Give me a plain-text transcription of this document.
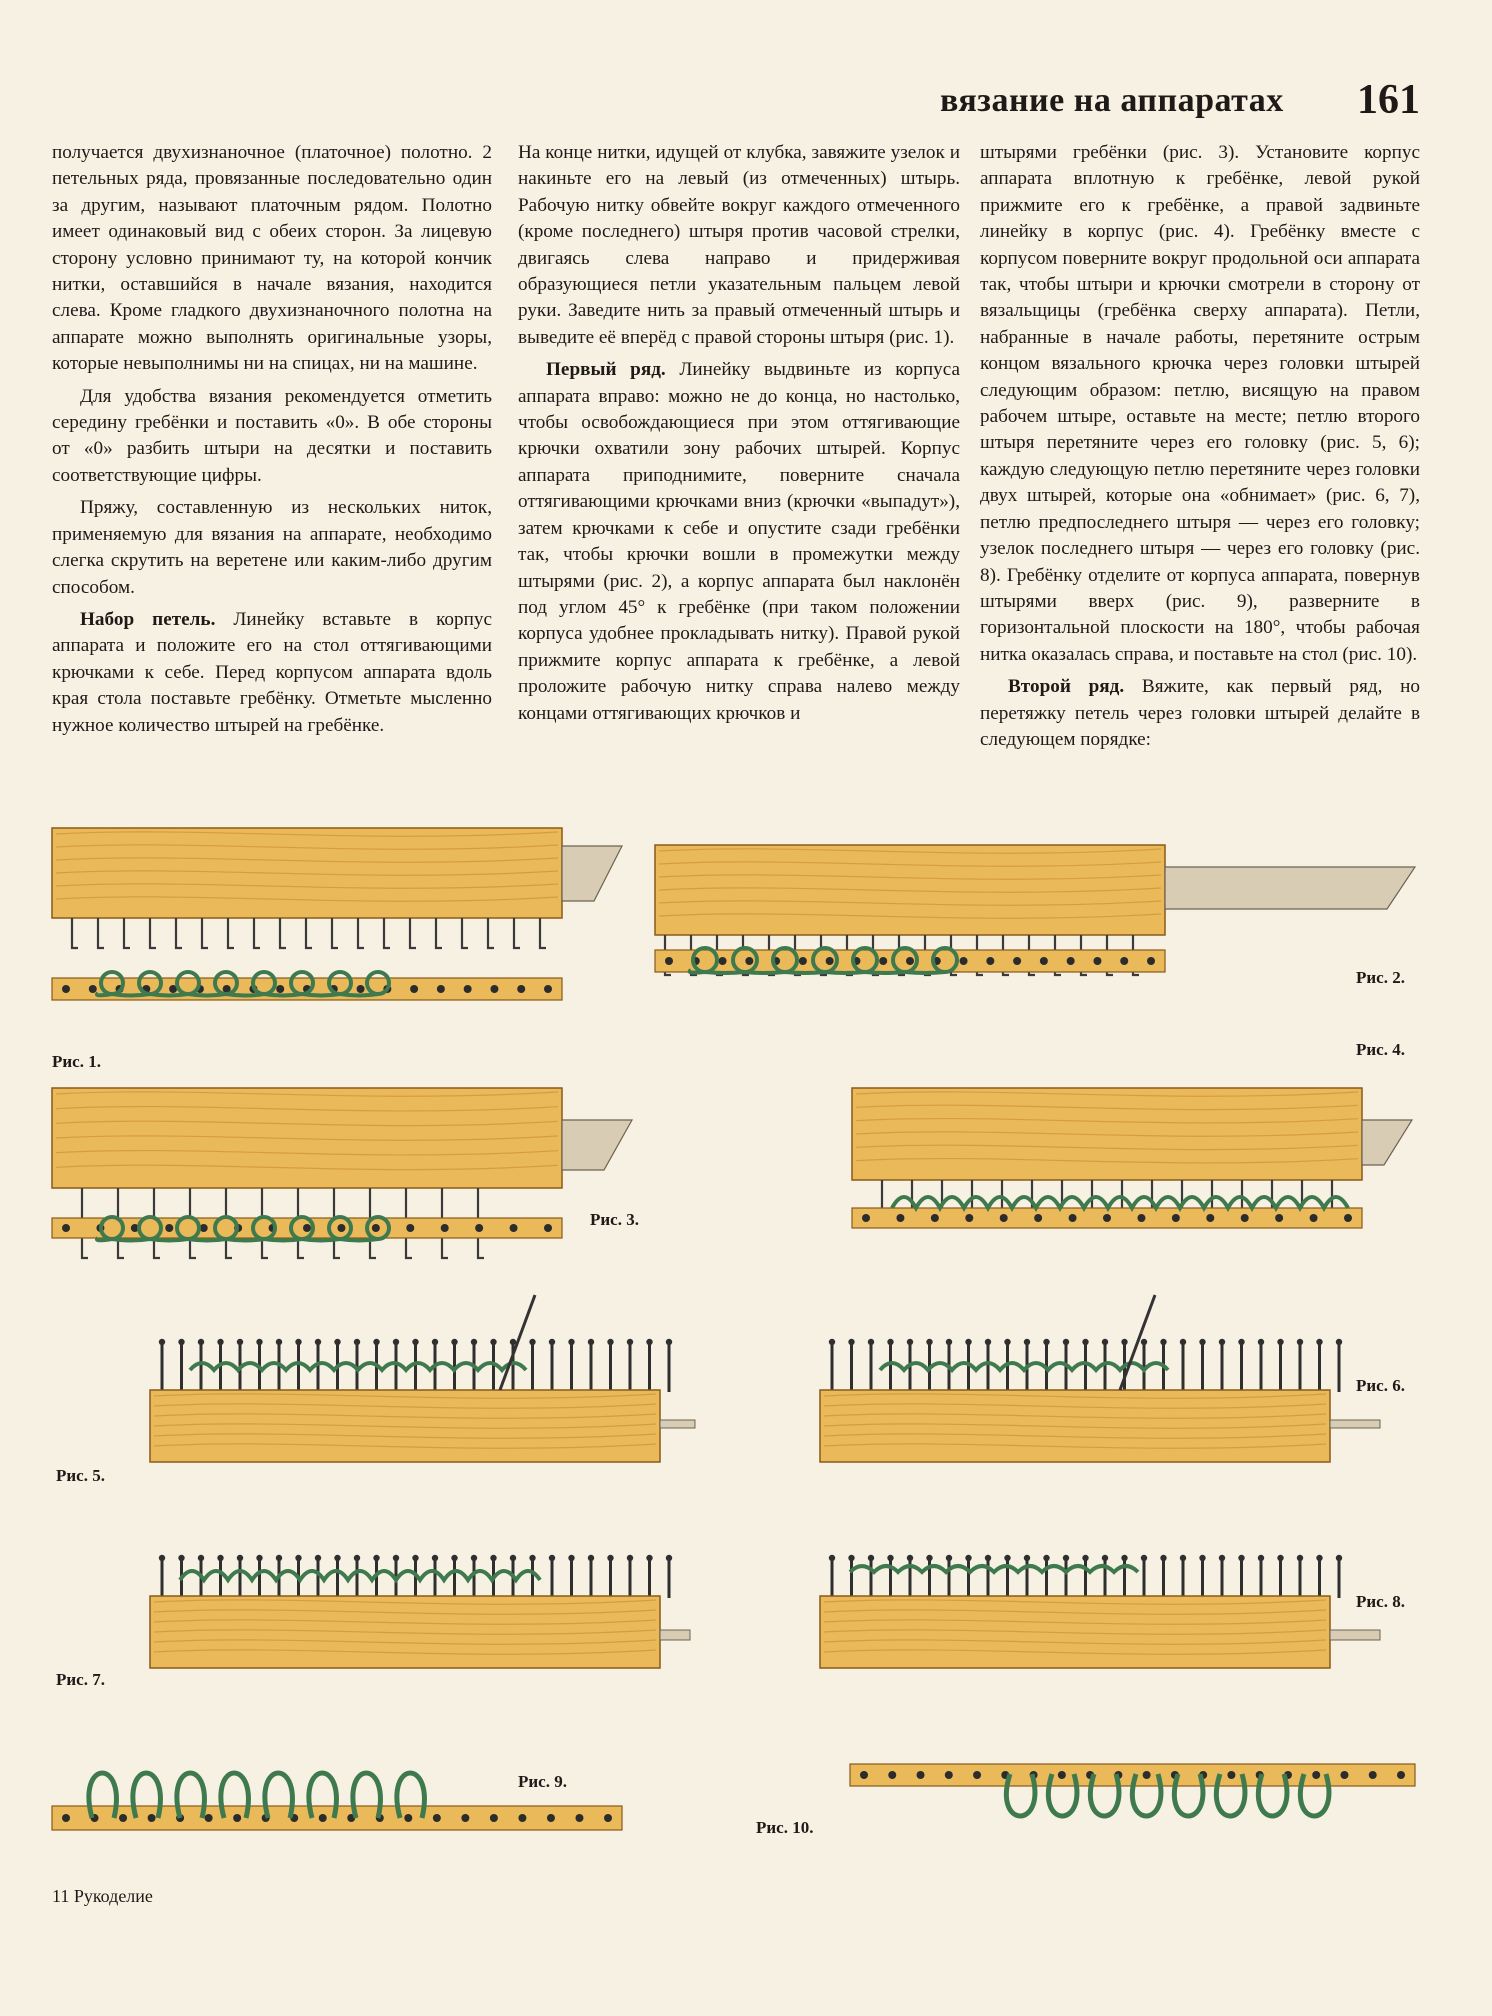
вязание на аппаратах 161

получается двухизнаночное (платочное) полотно. 2 петельных ряда, провязанные последовательно один за другим, называют платочным рядом. Полотно имеет одинаковый вид с обеих сторон. За лицевую сторону условно принимают ту, на которой кончик нитки, оставшийся в начале вязания, находится слева. Кроме гладкого двухизнаночного полотна на аппарате можно выполнять оригинальные узоры, которые невыполнимы ни на спицах, ни на машине.

Для удобства вязания рекомендуется отметить середину гребёнки и поставить «0». В обе стороны от «0» разбить штыри на десятки и поставить соответствующие цифры.

Пряжу, составленную из нескольких ниток, применяемую для вязания на аппарате, необходимо слегка скрутить на веретене или каким-либо другим способом.

Набор петель. Линейку вставьте в корпус аппарата и положите его на стол оттягивающими крючками к себе. Перед корпусом аппарата вдоль края стола поставьте гребёнку. Отметьте мысленно нужное количество штырей на гребёнке.

На конце нитки, идущей от клубка, завяжите узелок и накиньте его на левый (из отмеченных) штырь. Рабочую нитку обвейте вокруг каждого отмеченного (кроме последнего) штыря против часовой стрелки, двигаясь слева направо и придерживая образующиеся петли указательным пальцем левой руки. Заведите нить за правый отмеченный штырь и выведите её вперёд с правой стороны штыря (рис. 1).

Первый ряд. Линейку выдвиньте из корпуса аппарата вправо: можно не до конца, но настолько, чтобы освобождающиеся при этом оттягивающие крючки охватили зону рабочих штырей. Корпус аппарата приподнимите, поверните сначала оттягивающими крючками вниз (крючки «выпадут»), затем крючками к себе и опустите сзади гребёнки так, чтобы крючки вошли в промежутки между штырями (рис. 2), а корпус аппарата был наклонён под углом 45° к гребёнке (при таком положении корпуса удобнее прокладывать нитку). Правой рукой прижмите корпус аппарата к гребёнке, а левой проложите рабочую нитку справа налево между концами оттягивающих крючков и

штырями гребёнки (рис. 3). Установите корпус аппарата вплотную к гребёнке, левой рукой прижмите его к гребёнке, а правой задвиньте линейку в корпус (рис. 4). Гребёнку вместе с корпусом поверните вокруг продольной оси аппарата так, чтобы штыри и крючки смотрели в сторону от вязальщицы (гребёнка сверху аппарата). Петли, набранные в начале работы, перетяните острым концом вязального крючка через головки штырей следующим образом: петлю, висящую на правом рабочем штыре, оставьте на месте; петлю второго штыря перетяните через его головку (рис. 5, 6); каждую следующую петлю перетяните через головки двух штырей, которые она «обнимает» (рис. 6, 7), петлю предпоследнего штыря — через его головку; узелок последнего штыря — через его головку (рис. 8). Гребёнку отделите от корпуса аппарата, повернув штырями вверх (рис. 9), разверните в горизонтальной плоскости на 180°, чтобы рабочая нитка оказалась справа, и поставьте на стол (рис. 10).

Второй ряд. Вяжите, как первый ряд, но перетяжку петель через головки штырей делайте в следующем порядке:

Рис. 1.
Рис. 2.
Рис. 3.
Рис. 4.
Рис. 5.
Рис. 6.
Рис. 7.
Рис. 8.
Рис. 9.
Рис. 10.
11 Рукоделие
